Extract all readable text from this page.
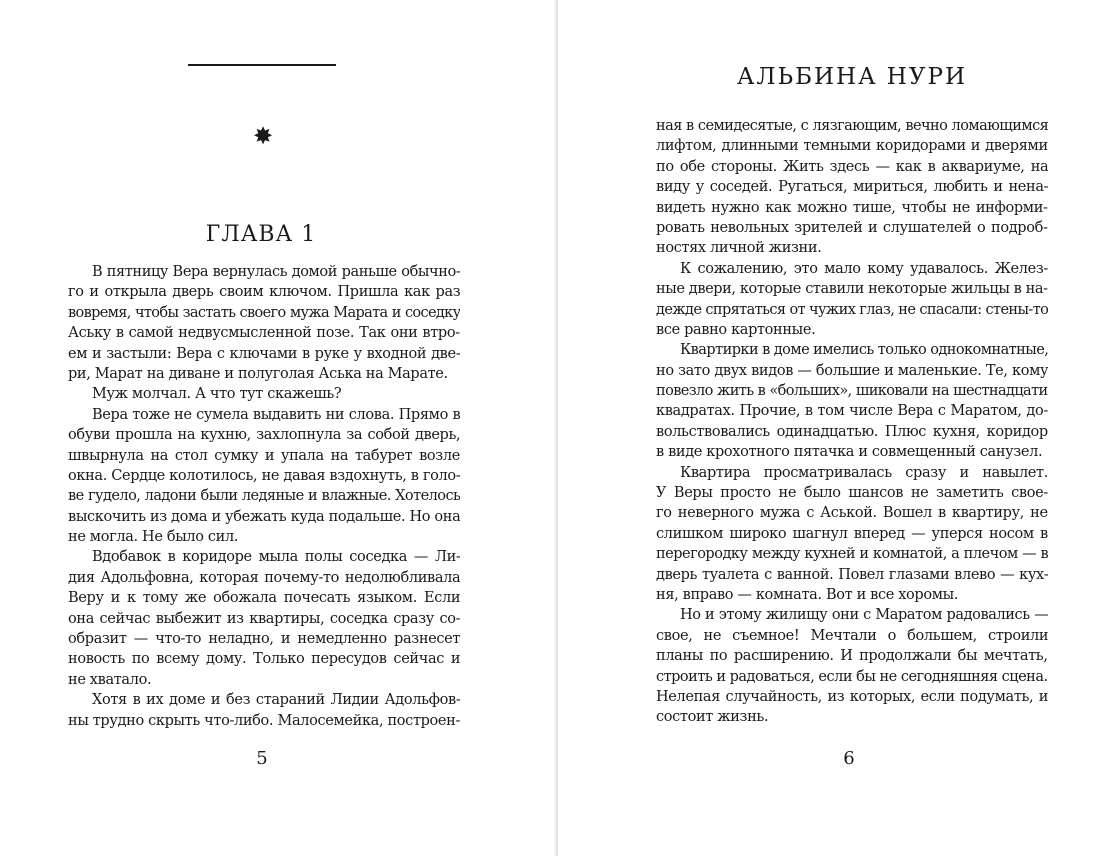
✸
ГЛАВА 1
В пятницу Вера вернулась домой раньше обычно-
го и открыла дверь своим ключом. Пришла как раз
вовремя, чтобы застать своего мужа Марата и соседку
Аську в самой недвусмысленной позе. Так они втро-
ем и застыли: Вера с ключами в руке у входной две-
ри, Марат на диване и полуголая Аська на Марате.
Муж молчал. А что тут скажешь?
Вера тоже не сумела выдавить ни слова. Прямо в
обуви прошла на кухню, захлопнула за собой дверь,
швырнула на стол сумку и упала на табурет возле
окна. Сердце колотилось, не давая вздохнуть, в голо-
ве гудело, ладони были ледяные и влажные. Хотелось
выскочить из дома и убежать куда подальше. Но она
не могла. Не было сил.
Вдобавок в коридоре мыла полы соседка — Ли-
дия Адольфовна, которая почему-то недолюбливала
Веру и к тому же обожала почесать языком. Если
она сейчас выбежит из квартиры, соседка сразу со-
образит — что-то неладно, и немедленно разнесет
новость по всему дому. Только пересудов сейчас и
не хватало.
Хотя в их доме и без стараний Лидии Адольфов-
ны трудно скрыть что-либо. Малосемейка, построен-
5
АЛЬБИНА НУРИ
ная в семидесятые, с лязгающим, вечно ломающимся
лифтом, длинными темными коридорами и дверями
по обе стороны. Жить здесь — как в аквариуме, на
виду у соседей. Ругаться, мириться, любить и нена-
видеть нужно как можно тише, чтобы не информи-
ровать невольных зрителей и слушателей о подроб-
ностях личной жизни.
К сожалению, это мало кому удавалось. Желез-
ные двери, которые ставили некоторые жильцы в на-
дежде спрятаться от чужих глаз, не спасали: стены-то
все равно картонные.
Квартирки в доме имелись только однокомнатные,
но зато двух видов — большие и маленькие. Те, кому
повезло жить в «больших», шиковали на шестнадцати
квадратах. Прочие, в том числе Вера с Маратом, до-
вольствовались одинадцатью. Плюс кухня, коридор
в виде крохотного пятачка и совмещенный санузел.
Квартира просматривалась сразу и навылет.
У Веры просто не было шансов не заметить свое-
го неверного мужа с Аськой. Вошел в квартиру, не
слишком широко шагнул вперед — уперся носом в
перегородку между кухней и комнатой, а плечом — в
дверь туалета с ванной. Повел глазами влево — кух-
ня, вправо — комната. Вот и все хоромы.
Но и этому жилищу они с Маратом радовались —
свое, не съемное! Мечтали о большем, строили
планы по расширению. И продолжали бы мечтать,
строить и радоваться, если бы не сегодняшняя сцена.
Нелепая случайность, из которых, если подумать, и
состоит жизнь.
6
